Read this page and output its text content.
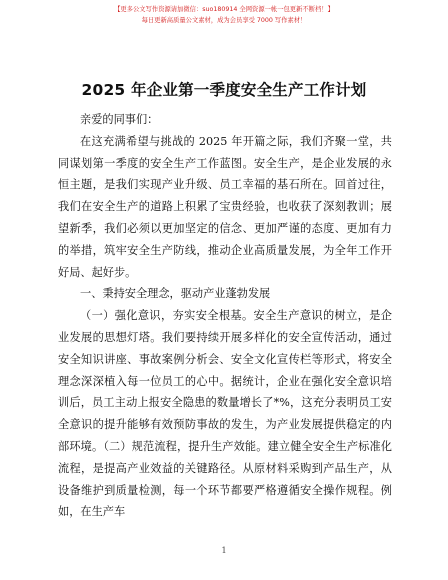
【更多公文写作资源请加微信：suo180914 全网资源一帐一包更新不断档！】
每日更新高质量公文素材，成为会员享受 7000 写作素材！
2025 年企业第一季度安全生产工作计划

亲爱的同事们：

在这充满希望与挑战的 2025 年开篇之际，我们齐聚一堂，共同谋划第一季度的安全生产工作蓝图。安全生产，是企业发展的永恒主题，是我们实现产业升级、员工幸福的基石所在。回首过往，我们在安全生产的道路上积累了宝贵经验，也收获了深刻教训；展望新季，我们必须以更加坚定的信念、更加严谨的态度、更加有力的举措，筑牢安全生产防线，推动企业高质量发展，为全年工作开好局、起好步。

一、秉持安全理念，驱动产业蓬勃发展

（一）强化意识，夯实安全根基。安全生产意识的树立，是企业发展的思想灯塔。我们要持续开展多样化的安全宣传活动，通过安全知识讲座、事故案例分析会、安全文化宣传栏等形式，将安全理念深深植入每一位员工的心中。据统计，企业在强化安全意识培训后，员工主动上报安全隐患的数量增长了*%，这充分表明员工安全意识的提升能够有效预防事故的发生，为产业发展提供稳定的内部环境。（二）规范流程，提升生产效能。建立健全安全生产标准化流程，是提高产业效益的关键路径。从原材料采购到产品生产，从设备维护到质量检测，每一个环节都要严格遵循安全操作规程。例如，在生产车

1
